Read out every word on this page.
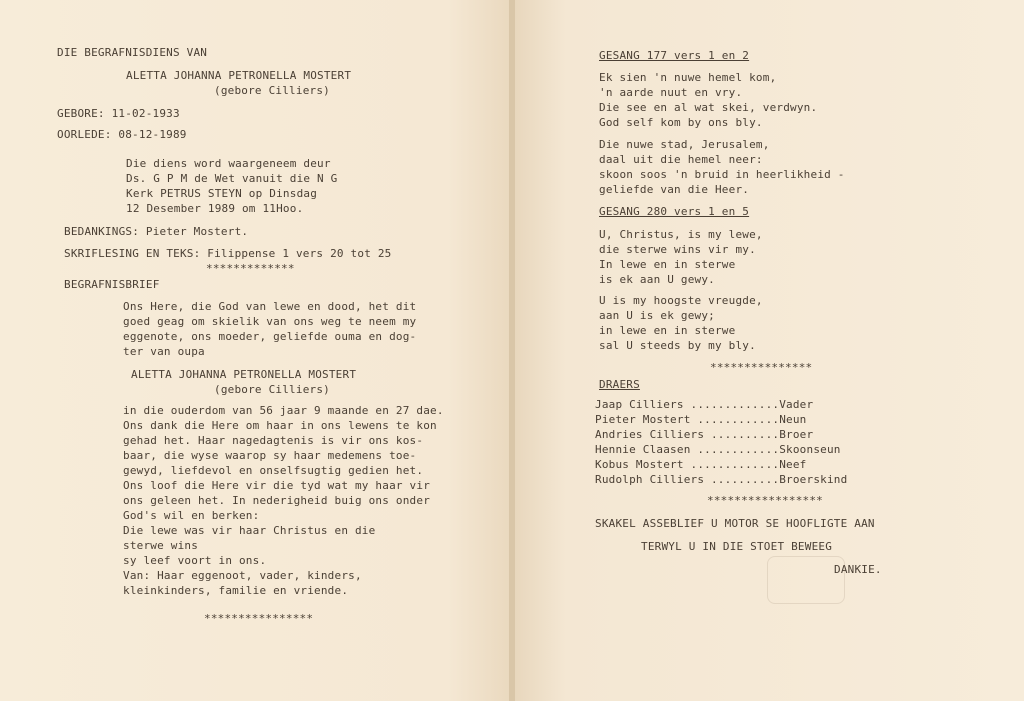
DIE BEGRAFNISDIENS VAN
ALETTA JOHANNA PETRONELLA MOSTERT
(gebore Cilliers)
GEBORE: 11-02-1933
OORLEDE: 08-12-1989
Die diens word waargeneem deur
Ds. G P M de Wet vanuit die N G
Kerk PETRUS STEYN op Dinsdag
12 Desember 1989 om 11Hoo.
BEDANKINGS: Pieter Mostert.
SKRIFLESING EN TEKS: Filippense 1 vers 20 tot 25
*************
BEGRAFNISBRIEF
Ons Here, die God van lewe en dood, het dit
goed geag om skielik van ons weg te neem my
eggenote, ons moeder, geliefde ouma en dog-
ter van oupa
ALETTA JOHANNA PETRONELLA MOSTERT
(gebore Cilliers)
in die ouderdom van 56 jaar 9 maande en 27 dae.
Ons dank die Here om haar in ons lewens te kon
gehad het. Haar nagedagtenis is vir ons kos-
baar, die wyse waarop sy haar medemens toe-
gewyd, liefdevol en onselfsugtig gedien het.
Ons loof die Here vir die tyd wat my haar vir
ons geleen het. In nederigheid buig ons onder
God's wil en berken:
Die lewe was vir haar Christus en die
sterwe wins
sy leef voort in ons.
Van: Haar eggenoot, vader, kinders,
kleinkinders, familie en vriende.
****************
GESANG 177 vers 1 en 2
Ek sien 'n nuwe hemel kom,
'n aarde nuut en vry.
Die see en al wat skei, verdwyn.
God self kom by ons bly.
Die nuwe stad, Jerusalem,
daal uit die hemel neer:
skoon soos 'n bruid in heerlikheid -
geliefde van die Heer.
GESANG 280 vers 1 en 5
U, Christus, is my lewe,
die sterwe wins vir my.
In lewe en in sterwe
is ek aan U gewy.
U is my hoogste vreugde,
aan U is ek gewy;
in lewe en in sterwe
sal U steeds by my bly.
***************
DRAERS
Jaap Cilliers .............Vader
Pieter Mostert ............Neun
Andries Cilliers ..........Broer
Hennie Claasen ............Skoonseun
Kobus Mostert .............Neef
Rudolph Cilliers ..........Broerskind
*****************
SKAKEL ASSEBLIEF U MOTOR SE HOOFLIGTE AAN
TERWYL U IN DIE STOET BEWEEG
DANKIE.
